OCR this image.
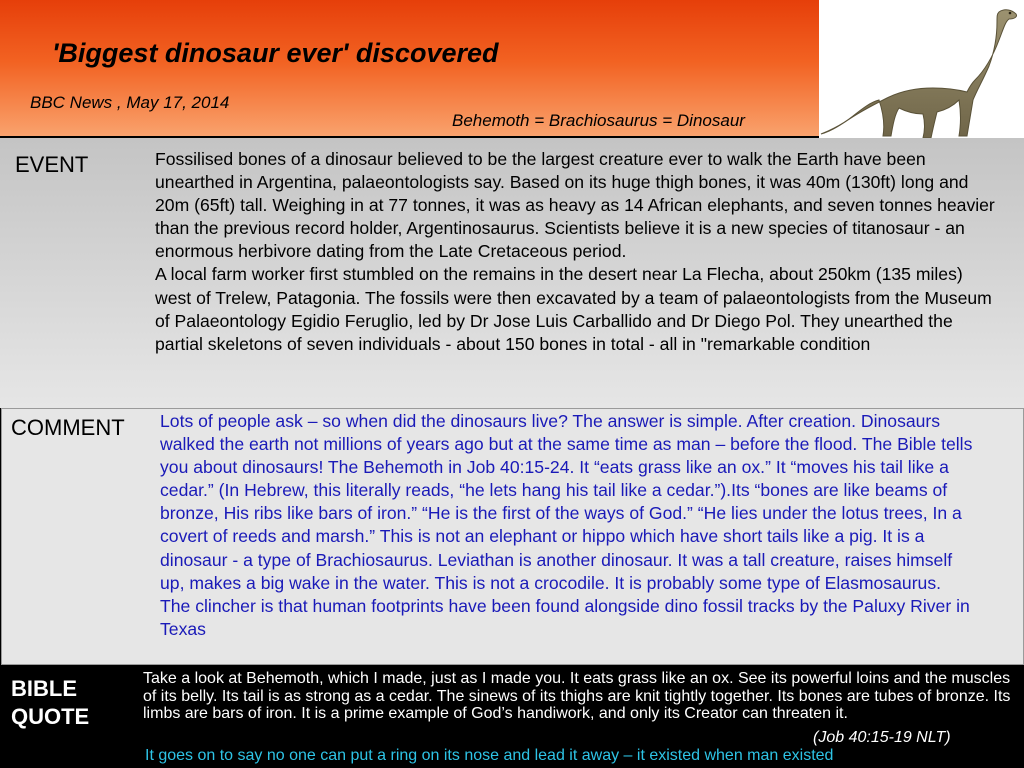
'Biggest dinosaur ever' discovered
BBC News , May 17, 2014
Behemoth = Brachiosaurus = Dinosaur
EVENT	Fossilised bones of a dinosaur believed to be the largest creature ever to walk the Earth have been unearthed in Argentina, palaeontologists say. Based on its huge thigh bones, it was 40m (130ft) long and 20m (65ft) tall. Weighing in at 77 tonnes, it was as heavy as 14 African elephants, and seven tonnes heavier than the previous record holder, Argentinosaurus. Scientists believe it is a new species of titanosaur - an enormous herbivore dating from the Late Cretaceous period.

A local farm worker first stumbled on the remains in the desert near La Flecha, about 250km (135 miles) west of Trelew, Patagonia. The fossils were then excavated by a team of palaeontologists from the Museum of Palaeontology Egidio Feruglio, led by Dr Jose Luis Carballido and Dr Diego Pol. They unearthed the partial skeletons of seven individuals - about 150 bones in total - all in "remarkable condition

COMMENT Lots of people ask – so when did the dinosaurs live? The answer is simple. After creation. Dinosaurs walked the earth not millions of years ago but at the same time as man – before the flood. The Bible tells you about dinosaurs! The Behemoth in Job 40:15-24. It “eats grass like an ox.” It “moves his tail like a cedar.” (In Hebrew, this literally reads, “he lets hang his tail like a cedar.”).Its “bones are like beams of bronze, His ribs like bars of iron.” “He is the first of the ways of God.” “He lies under the lotus trees, In a covert of reeds and marsh.” This is not an elephant or hippo which have short tails like a pig. It is a dinosaur - a type of Brachiosaurus. Leviathan is another dinosaur. It was a tall creature, raises himself up, makes a big wake in the water. This is not a crocodile. It is probably some type of Elasmosaurus. The clincher is that human footprints have been found alongside dino fossil tracks by the Paluxy River in Texas
BIBLE
QUOTE
Take a look at Behemoth, which I made, just as I made you. It eats grass like an ox. See its powerful loins and the muscles of its belly. Its tail is as strong as a cedar. The sinews of its thighs are knit tightly together. Its bones are tubes of bronze. Its limbs are bars of iron. It is a prime example of God’s handiwork, and only its Creator can threaten it.
(Job 40:15-19 NLT)
It goes on to say no one can put a ring on its nose and lead it away – it existed when man existed
